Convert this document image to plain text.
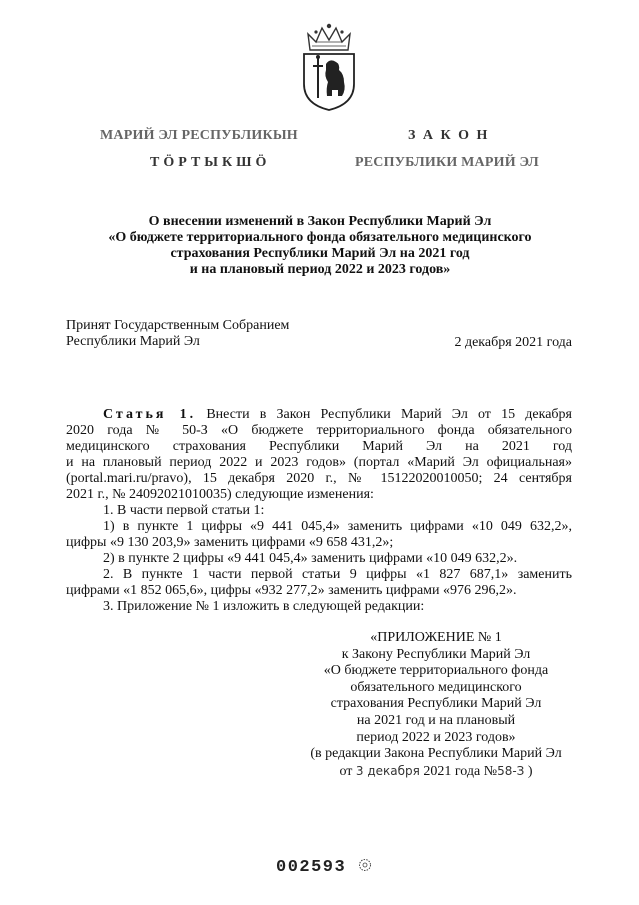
МАРИЙ ЭЛ РЕСПУБЛИКЫН
ТӦРТЫКШӦ
З А К О Н
РЕСПУБЛИКИ МАРИЙ ЭЛ
О внесении изменений в Закон Республики Марий Эл
«О бюджете территориального фонда обязательного медицинского
страхования Республики Марий Эл на 2021 год
и на плановый период 2022 и 2023 годов»
Принят Государственным Собранием
Республики Марий Эл	2 декабря 2021 года

Статья 1. Внести в Закон Республики Марий Эл от 15 декабря

2020 года № 50-З «О бюджете территориального фонда обязательного

медицинского страхования Республики Марий Эл на 2021 год

и на плановый период 2022 и 2023 годов» (портал «Марий Эл официальная»

(portal.mari.ru/pravo), 15 декабря 2020 г., № 15122020010050; 24 сентября

2021 г., № 24092021010035) следующие изменения:

1. В части первой статьи 1:

1) в пункте 1 цифры «9 441 045,4» заменить цифрами «10 049 632,2»,

цифры «9 130 203,9» заменить цифрами «9 658 431,2»;

2) в пункте 2 цифры «9 441 045,4» заменить цифрами «10 049 632,2».

2. В пункте 1 части первой статьи 9 цифры «1 827 687,1» заменить

цифрами «1 852 065,6», цифры «932 277,2» заменить цифрами «976 296,2».

3. Приложение № 1 изложить в следующей редакции:

«ПРИЛОЖЕНИЕ № 1
к Закону Республики Марий Эл
«О бюджете территориального фонда
обязательного медицинского
страхования Республики Марий Эл
на 2021 год и на плановый
период 2022 и 2023 годов»
(в редакции Закона Республики Марий Эл
от 3 декабря 2021 года №58-З )
002593
